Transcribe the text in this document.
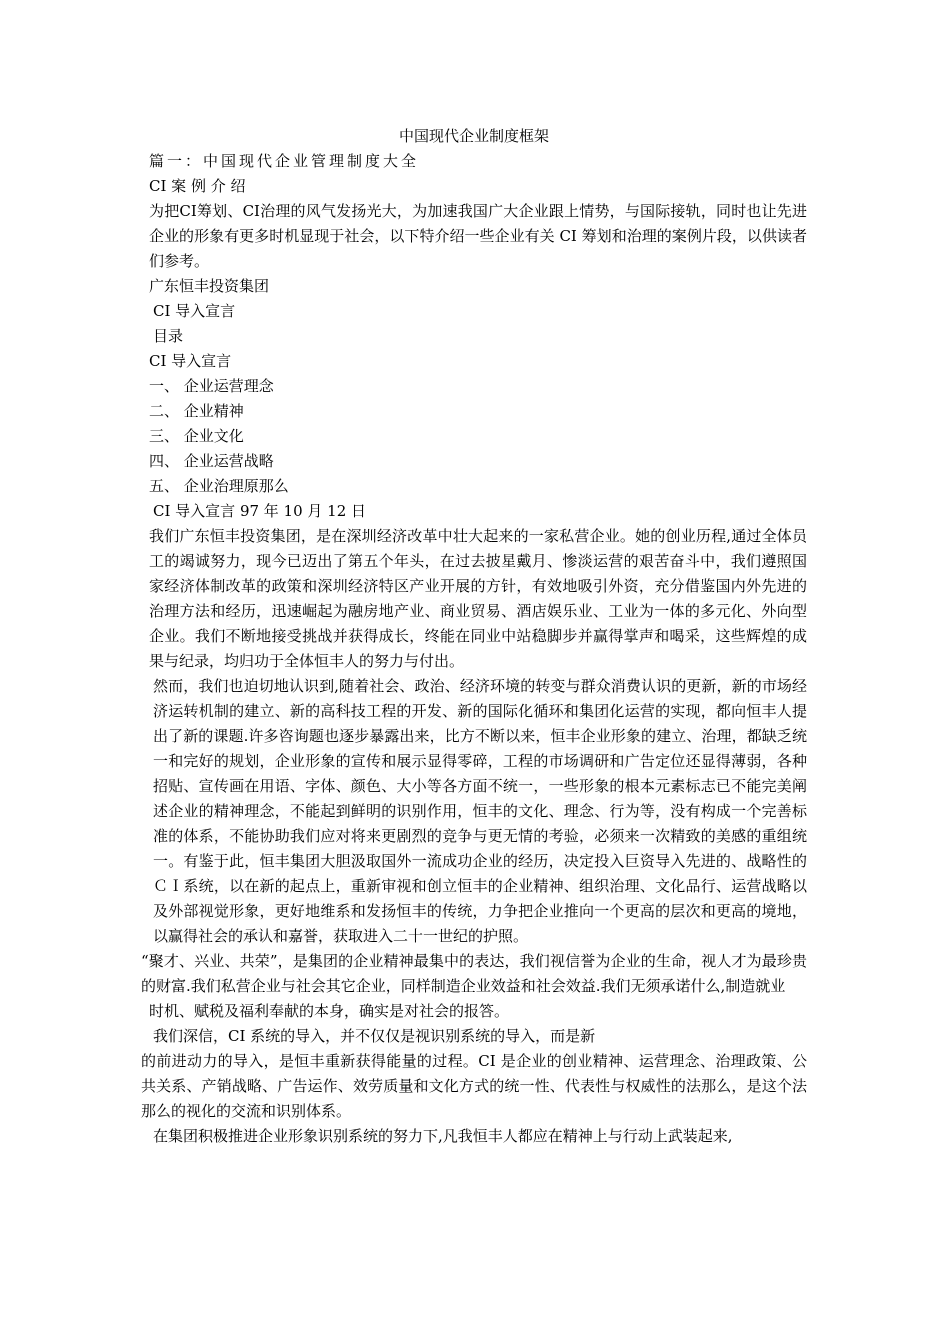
中国现代企业制度框架

篇一：中国现代企业管理制度大全

CI 案 例 介 绍

为把CI筹划、CI治理的风气发扬光大，为加速我国广大企业跟上情势，与国际接轨，同时也让先进企业的形象有更多时机显现于社会，以下特介绍一些企业有关 CI 筹划和治理的案例片段，以供读者们参考。

广东恒丰投资集团

CI 导入宣言

目录

CI 导入宣言

一、 企业运营理念

二、 企业精神

三、 企业文化

四、 企业运营战略

五、 企业治理原那么

CI 导入宣言 97 年 10 月 12 日

我们广东恒丰投资集团，是在深圳经济改革中壮大起来的一家私营企业。她的创业历程,通过全体员工的竭诚努力，现今已迈出了第五个年头，在过去披星戴月、惨淡运营的艰苦奋斗中，我们遵照国家经济体制改革的政策和深圳经济特区产业开展的方针，有效地吸引外资，充分借鉴国内外先进的治理方法和经历，迅速崛起为融房地产业、商业贸易、酒店娱乐业、工业为一体的多元化、外向型企业。我们不断地接受挑战并获得成长，终能在同业中站稳脚步并赢得掌声和喝采，这些辉煌的成果与纪录，均归功于全体恒丰人的努力与付出。

然而，我们也迫切地认识到,随着社会、政治、经济环境的转变与群众消费认识的更新，新的市场经济运转机制的建立、新的高科技工程的开发、新的国际化循环和集团化运营的实现，都向恒丰人提出了新的课题.许多咨询题也逐步暴露出来，比方不断以来，恒丰企业形象的建立、治理，都缺乏统一和完好的规划，企业形象的宣传和展示显得零碎，工程的市场调研和广告定位还显得薄弱，各种招贴、宣传画在用语、字体、颜色、大小等各方面不统一，一些形象的根本元素标志已不能完美阐述企业的精神理念，不能起到鲜明的识别作用，恒丰的文化、理念、行为等，没有构成一个完善标准的体系，不能协助我们应对将来更剧烈的竞争与更无情的考验，必须来一次精致的美感的重组统一。有鉴于此，恒丰集团大胆汲取国外一流成功企业的经历，决定投入巨资导入先进的、战略性的ＣＩ系统，以在新的起点上，重新审视和创立恒丰的企业精神、组织治理、文化品行、运营战略以及外部视觉形象，更好地维系和发扬恒丰的传统，力争把企业推向一个更高的层次和更高的境地，以赢得社会的承认和嘉誉，获取进入二十一世纪的护照。

“聚才、兴业、共荣”，是集团的企业精神最集中的表达，我们视信誉为企业的生命，视人才为最珍贵的财富.我们私营企业与社会其它企业，同样制造企业效益和社会效益.我们无须承诺什么,制造就业

时机、赋税及福利奉献的本身，确实是对社会的报答。

我们深信，CI 系统的导入，并不仅仅是视识别系统的导入，而是新

的前进动力的导入，是恒丰重新获得能量的过程。CI 是企业的创业精神、运营理念、治理政策、公共关系、产销战略、广告运作、效劳质量和文化方式的统一性、代表性与权威性的法那么，是这个法那么的视化的交流和识别体系。

在集团积极推进企业形象识别系统的努力下,凡我恒丰人都应在精神上与行动上武装起来,
